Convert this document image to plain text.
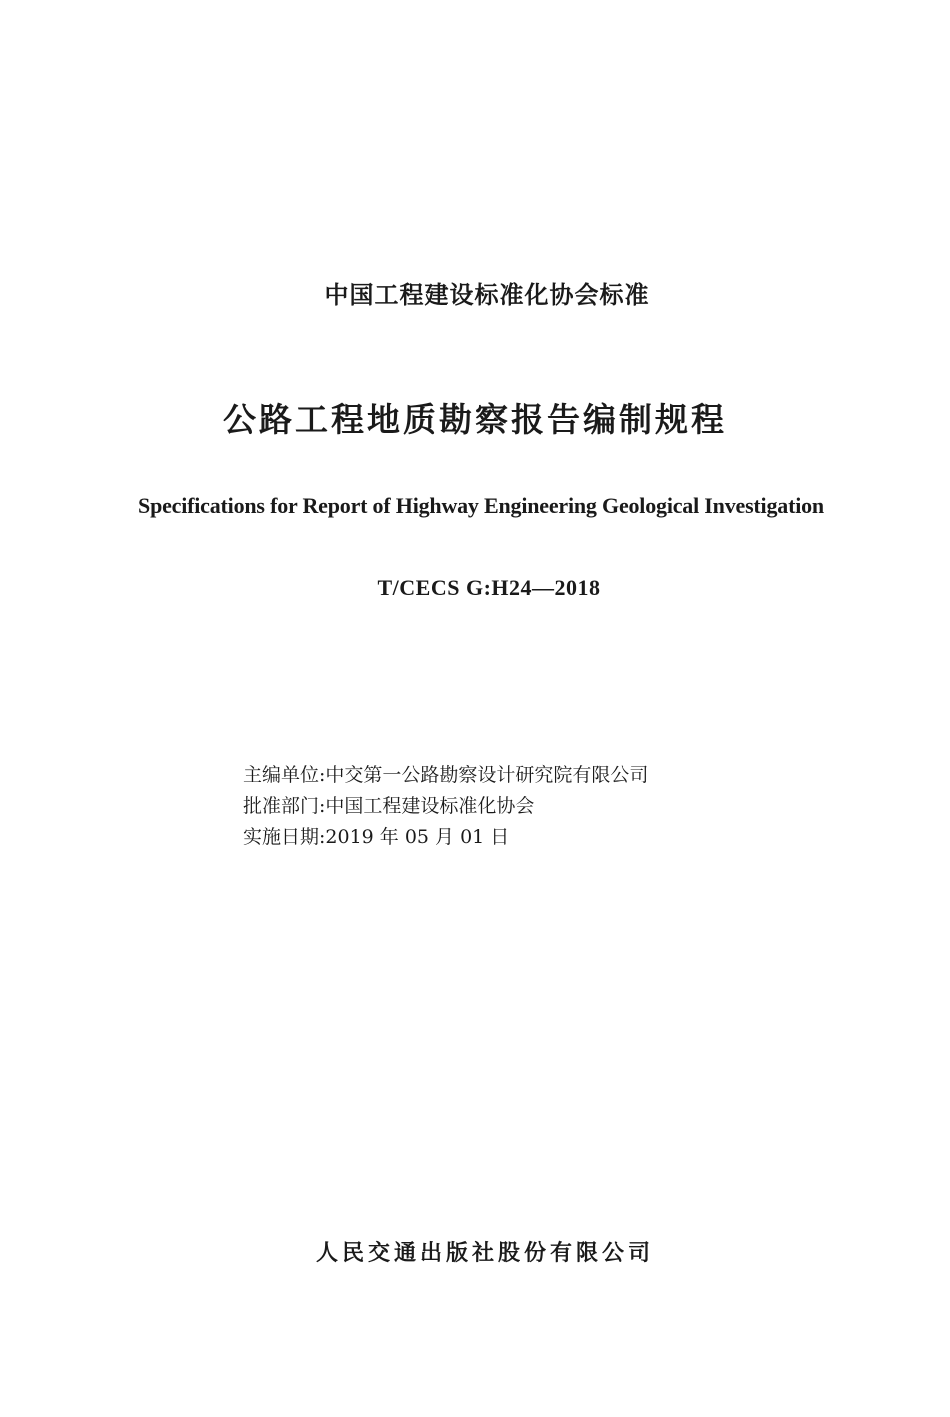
中国工程建设标准化协会标准
公路工程地质勘察报告编制规程
Specifications for Report of Highway Engineering Geological Investigation
T/CECS G:H24—2018
主编单位:中交第一公路勘察设计研究院有限公司
批准部门:中国工程建设标准化协会
实施日期:2019 年 05 月 01 日
人民交通出版社股份有限公司
